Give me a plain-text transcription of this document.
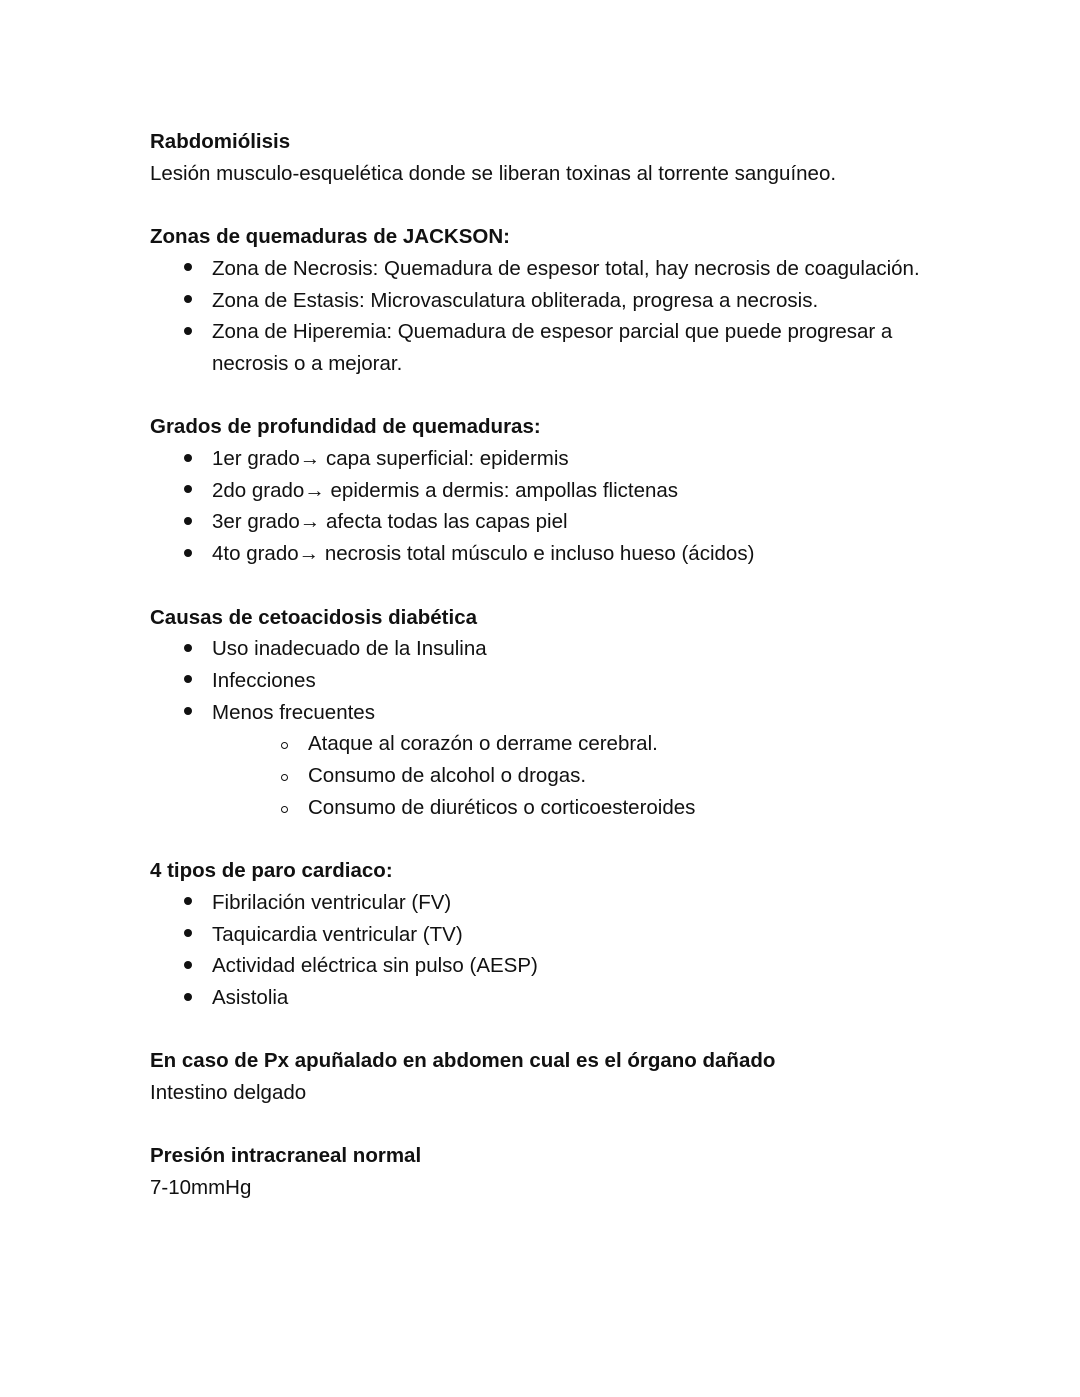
Rabdomiólisis

Lesión musculo-esquelética donde se liberan toxinas al torrente sanguíneo.

Zonas de quemaduras de JACKSON:

Zona de Necrosis: Quemadura de espesor total, hay necrosis de coagulación.
Zona de Estasis: Microvasculatura obliterada, progresa a necrosis.
Zona de Hiperemia: Quemadura de espesor parcial que puede progresar a necrosis o a mejorar.

Grados de profundidad de quemaduras:

1er grado→ capa superficial: epidermis
2do grado→ epidermis a dermis: ampollas flictenas
3er grado→ afecta todas las capas piel
4to grado→ necrosis total músculo e incluso hueso (ácidos)

Causas de cetoacidosis diabética

Uso inadecuado de la Insulina
Infecciones
Menos frecuentes
Ataque al corazón o derrame cerebral.
Consumo de alcohol o drogas.
Consumo de diuréticos o corticoesteroides

4 tipos de paro cardiaco:

Fibrilación ventricular (FV)
Taquicardia ventricular (TV)
Actividad eléctrica sin pulso (AESP)
Asistolia

En caso de Px apuñalado en abdomen cual es el órgano dañado

Intestino delgado

Presión intracraneal normal

7-10mmHg
